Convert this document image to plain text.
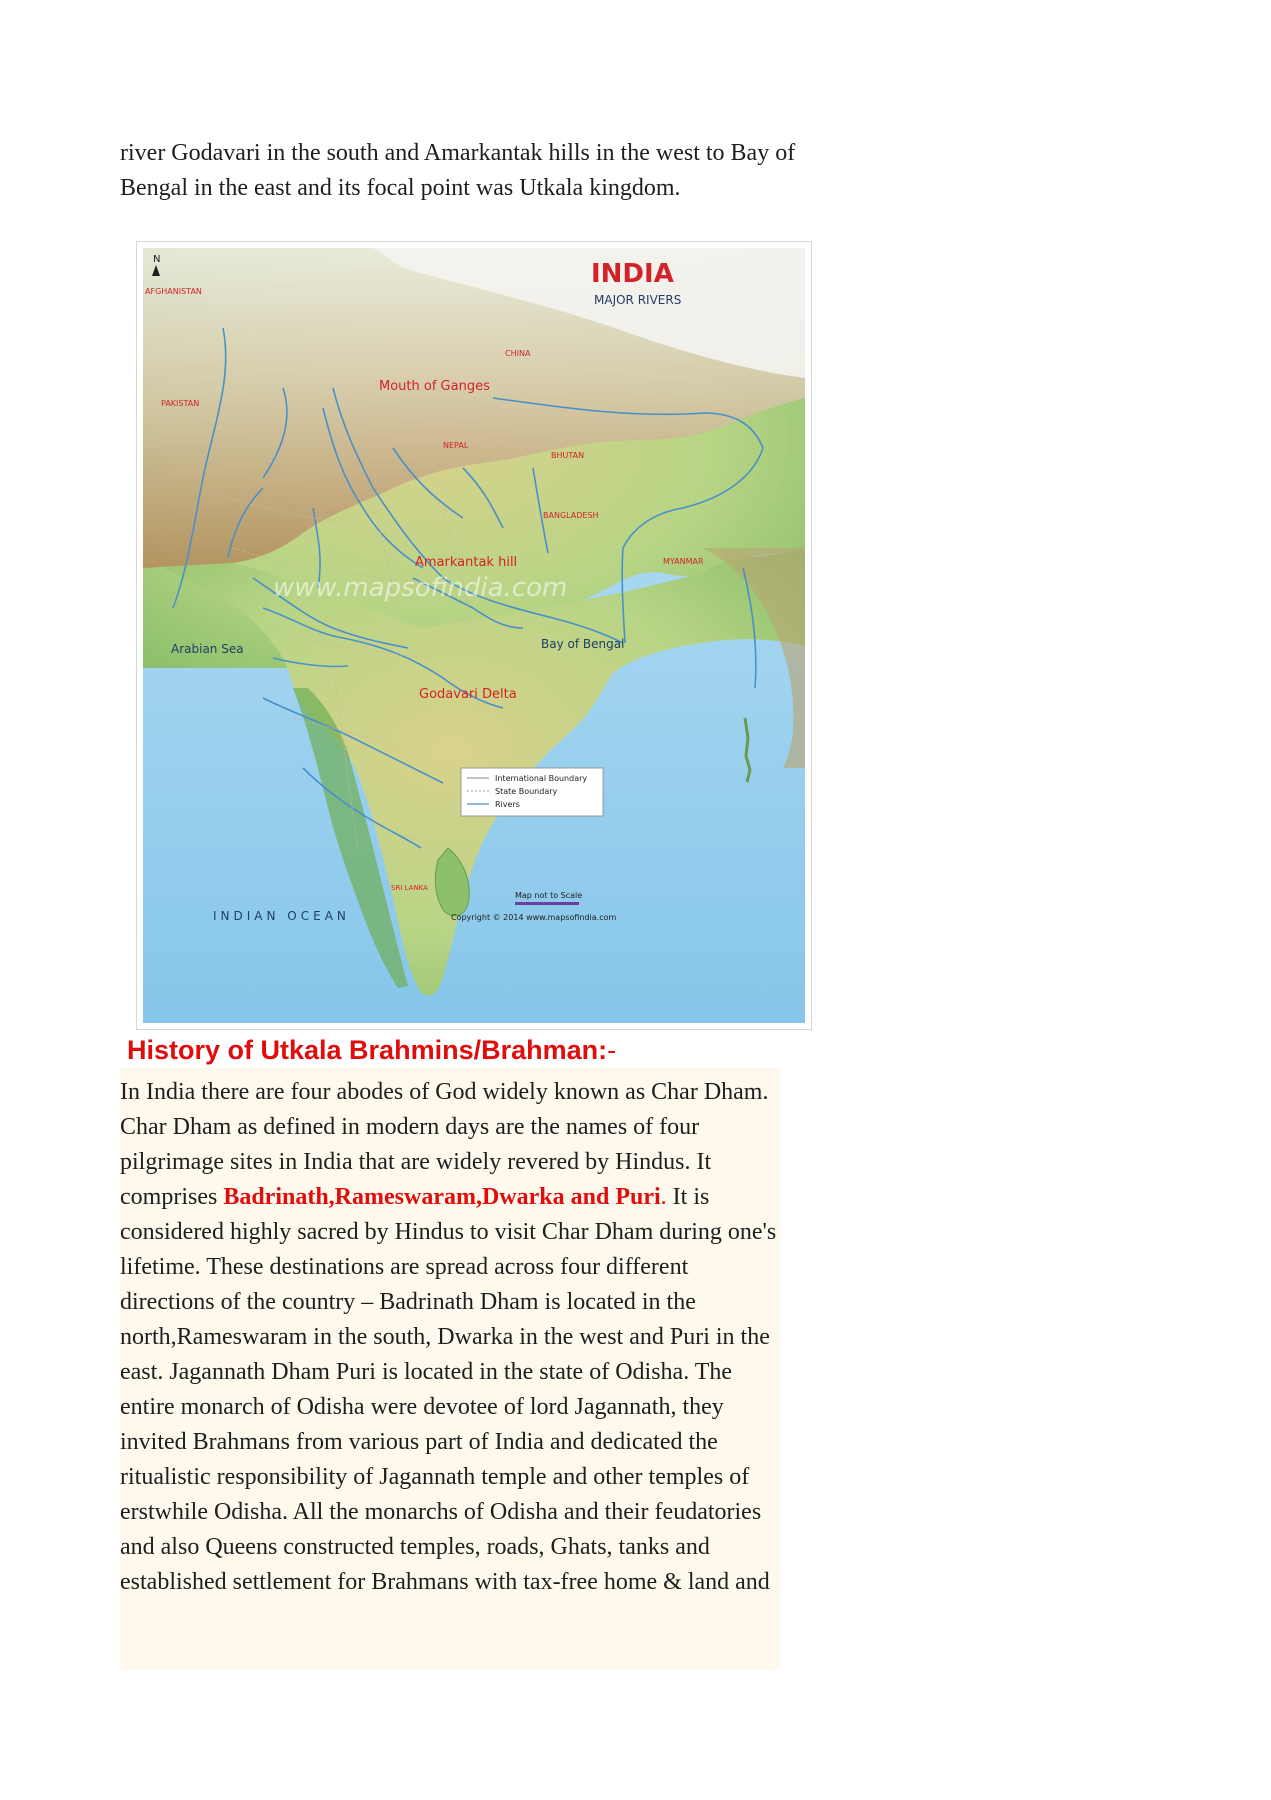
river Godavari in the south and Amarkantak hills in the west to Bay of Bengal in the east and its focal point was Utkala kingdom.

www.mapsofindia.com
N	INDIA
MAJOR RIVERS
AFGHANISTAN
PAKISTAN
CHINA
NEPAL
BHUTAN
BANGLADESH
MYANMAR
SRI LANKA
Mouth of Ganges
Amarkantak hill
Godavari Delta
Arabian Sea	Bay of Bengal
INDIAN OCEAN
International Boundary
State Boundary
Rivers
Map not to Scale
Copyright © 2014 www.mapsofindia.com
History of Utkala Brahmins/Brahman:-

In India there are four abodes of God widely known as Char Dham. Char Dham as defined in modern days are the names of four pilgrimage sites in India that are widely revered by Hindus. It comprises Badrinath,Rameswaram,Dwarka and Puri. It is considered highly sacred by Hindus to visit Char Dham during one's lifetime. These destinations are spread across four different directions of the country – Badrinath Dham is located in the north,Rameswaram in the south, Dwarka in the west and Puri in the east. Jagannath Dham Puri is located in the state of Odisha. The entire monarch of Odisha were devotee of lord Jagannath, they invited Brahmans from various part of India and dedicated the ritualistic responsibility of Jagannath temple and other temples of erstwhile Odisha. All the monarchs of Odisha and their feudatories and also Queens constructed temples, roads, Ghats, tanks and established settlement for Brahmans with tax-free home & land and
